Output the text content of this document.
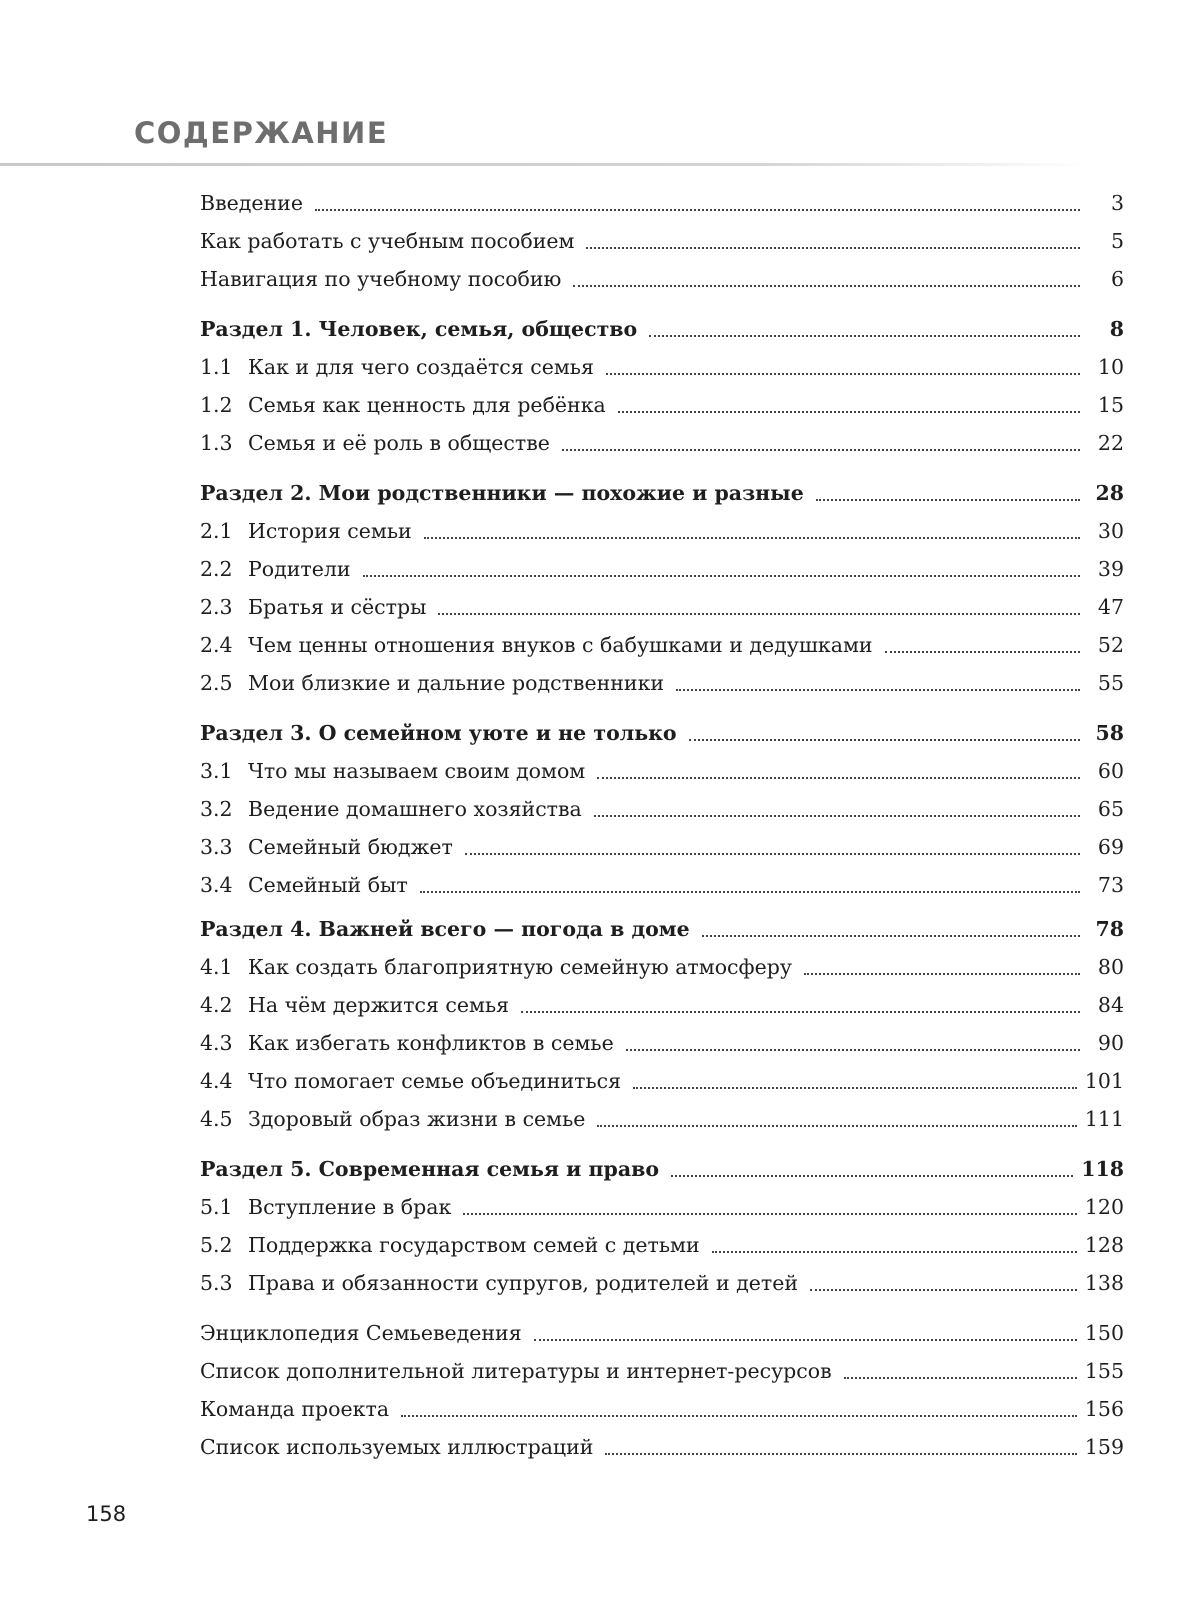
СОДЕРЖАНИЕ
Введение	3
Как работать с учебным пособием	5
Навигация по учебному пособию	6
Раздел 1. Человек, семья, общество	8
1.1 Как и для чего создаётся семья	10
1.2 Семья как ценность для ребёнка	15
1.3 Семья и её роль в обществе	22
Раздел 2. Мои родственники — похожие и разные	28
2.1 История семьи	30
2.2 Родители	39
2.3 Братья и сёстры	47
2.4 Чем ценны отношения внуков с бабушками и дедушками	52
2.5 Мои близкие и дальние родственники	55
Раздел 3. О семейном уюте и не только	58
3.1 Что мы называем своим домом	60
3.2 Ведение домашнего хозяйства	65
3.3 Семейный бюджет	69
3.4 Семейный быт	73
Раздел 4. Важней всего — погода в доме	78
4.1 Как создать благоприятную семейную атмосферу	80
4.2 На чём держится семья	84
4.3 Как избегать конфликтов в семье	90
4.4 Что помогает семье объединиться	101
4.5 Здоровый образ жизни в семье	111
Раздел 5. Современная семья и право	118
5.1 Вступление в брак	120
5.2 Поддержка государством семей с детьми	128
5.3 Права и обязанности супругов, родителей и детей	138
Энциклопедия Семьеведения	150
Список дополнительной литературы и интернет-ресурсов	155
Команда проекта	156
Список используемых иллюстраций	159
158
